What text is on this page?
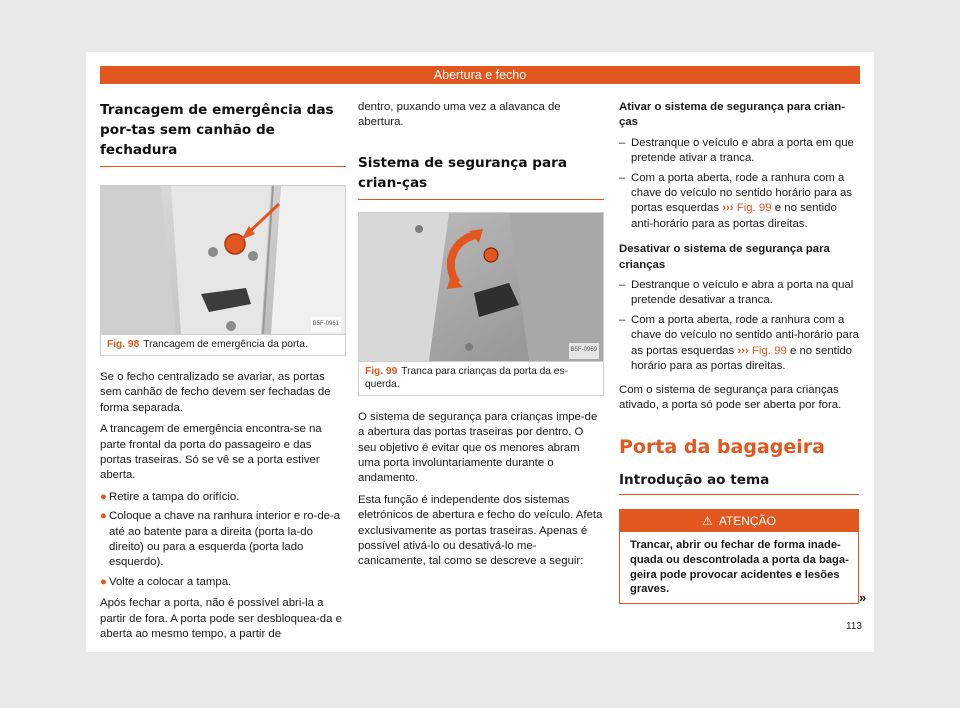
Abertura e fecho
Trancagem de emergência das por-tas sem canhão de fechadura
B5F-0961
Fig. 98 Trancagem de emergência da porta.

Se o fecho centralizado se avariar, as portas sem canhão de fecho devem ser fechadas de forma separada.

A trancagem de emergência encontra-se na parte frontal da porta do passageiro e das portas traseiras. Só se vê se a porta estiver aberta.

● Retire a tampa do orifício.
● Coloque a chave na ranhura interior e ro-de-a até ao batente para a direita (porta la-do direito) ou para a esquerda (porta lado esquerdo).
● Volte a colocar a tampa.

Após fechar a porta, não é possível abri-la a partir de fora. A porta pode ser desbloquea-da e aberta ao mesmo tempo, a partir de

dentro, puxando uma vez a alavanca de abertura.

Sistema de segurança para crian-ças
B5F-0959
Fig. 99 Tranca para crianças da porta da es-querda.

O sistema de segurança para crianças impe-de a abertura das portas traseiras por dentro. O seu objetivo é evitar que os menores abram uma porta involuntariamente durante o andamento.

Esta função é independente dos sistemas eletrónicos de abertura e fecho do veículo. Afeta exclusivamente as portas traseiras. Apenas é possível ativá-lo ou desativá-lo me-canicamente, tal como se descreve a seguir:

Ativar o sistema de segurança para crian-ças
– Destranque o veículo e abra a porta em que pretende ativar a tranca.
– Com a porta aberta, rode a ranhura com a chave do veículo no sentido horário para as portas esquerdas ››› Fig. 99 e no sentido anti-horário para as portas direitas.
Desativar o sistema de segurança para crianças
– Destranque o veículo e abra a porta na qual pretende desativar a tranca.
– Com a porta aberta, rode a ranhura com a chave do veículo no sentido anti-horário para as portas esquerdas ››› Fig. 99 e no sentido horário para as portas direitas.

Com o sistema de segurança para crianças ativado, a porta só pode ser aberta por fora.

Porta da bagageira
Introdução ao tema
⚠ ATENÇÃO
Trancar, abrir ou fechar de forma inade-quada ou descontrolada a porta da baga-geira pode provocar acidentes e lesões graves.
»
113
